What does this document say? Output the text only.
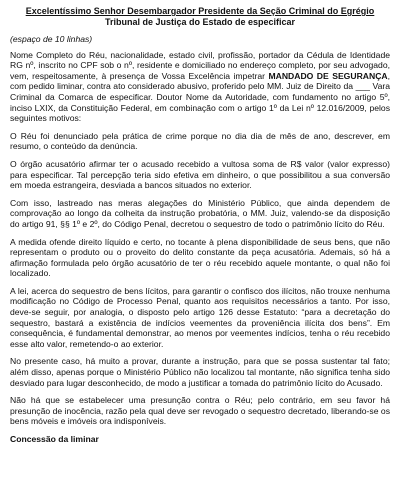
Excelentíssimo Senhor Desembargador Presidente da Seção Criminal do Egrégio
Tribunal de Justiça do Estado de especificar
(espaço de 10 linhas)

Nome Completo do Réu, nacionalidade, estado civil, profissão, portador da Cédula de Identidade RG nº, inscrito no CPF sob o nº, residente e domiciliado no endereço completo, por seu advogado, vem, respeitosamente, à presença de Vossa Excelência impetrar MANDADO DE SEGURANÇA, com pedido liminar, contra ato considerado abusivo, proferido pelo MM. Juiz de Direito da ___ Vara Criminal da Comarca de especificar. Doutor Nome da Autoridade, com fundamento no artigo 5º, inciso LXIX, da Constituição Federal, em combinação com o artigo 1º da Lei nº 12.016/2009, pelos seguintes motivos:

O Réu foi denunciado pela prática de crime porque no dia dia de mês de ano, descrever, em resumo, o conteúdo da denúncia.

O órgão acusatório afirmar ter o acusado recebido a vultosa soma de R$ valor (valor expresso) para especificar. Tal percepção teria sido efetiva em dinheiro, o que possibilitou a sua conversão em moeda estrangeira, desviada a bancos situados no exterior.

Com isso, lastreado nas meras alegações do Ministério Público, que ainda dependem de comprovação ao longo da colheita da instrução probatória, o MM. Juiz, valendo-se da disposição do artigo 91, §§ 1º e 2º, do Código Penal, decretou o sequestro de todo o patrimônio lícito do Réu.

A medida ofende direito líquido e certo, no tocante à plena disponibilidade de seus bens, que não representam o produto ou o proveito do delito constante da peça acusatória. Ademais, só há a afirmação formulada pelo órgão acusatório de ter o réu recebido aquele montante, o qual não foi localizado.

A lei, acerca do sequestro de bens lícitos, para garantir o confisco dos ilícitos, não trouxe nenhuma modificação no Código de Processo Penal, quanto aos requisitos necessários a tanto. Por isso, deve-se seguir, por analogia, o disposto pelo artigo 126 desse Estatuto: “para a decretação do sequestro, bastará a existência de indícios veementes da proveniência ilícita dos bens”. Em consequência, é fundamental demonstrar, ao menos por veementes indícios, tenha o réu recebido esse alto valor, remetendo-o ao exterior.

No presente caso, há muito a provar, durante a instrução, para que se possa sustentar tal fato; além disso, apenas porque o Ministério Público não localizou tal montante, não significa tenha sido desviado para lugar desconhecido, de modo a justificar a tomada do patrimônio lícito do Acusado.

Não há que se estabelecer uma presunção contra o Réu; pelo contrário, em seu favor há presunção de inocência, razão pela qual deve ser revogado o sequestro decretado, liberando-se os bens móveis e imóveis ora indisponíveis.

Concessão da liminar
